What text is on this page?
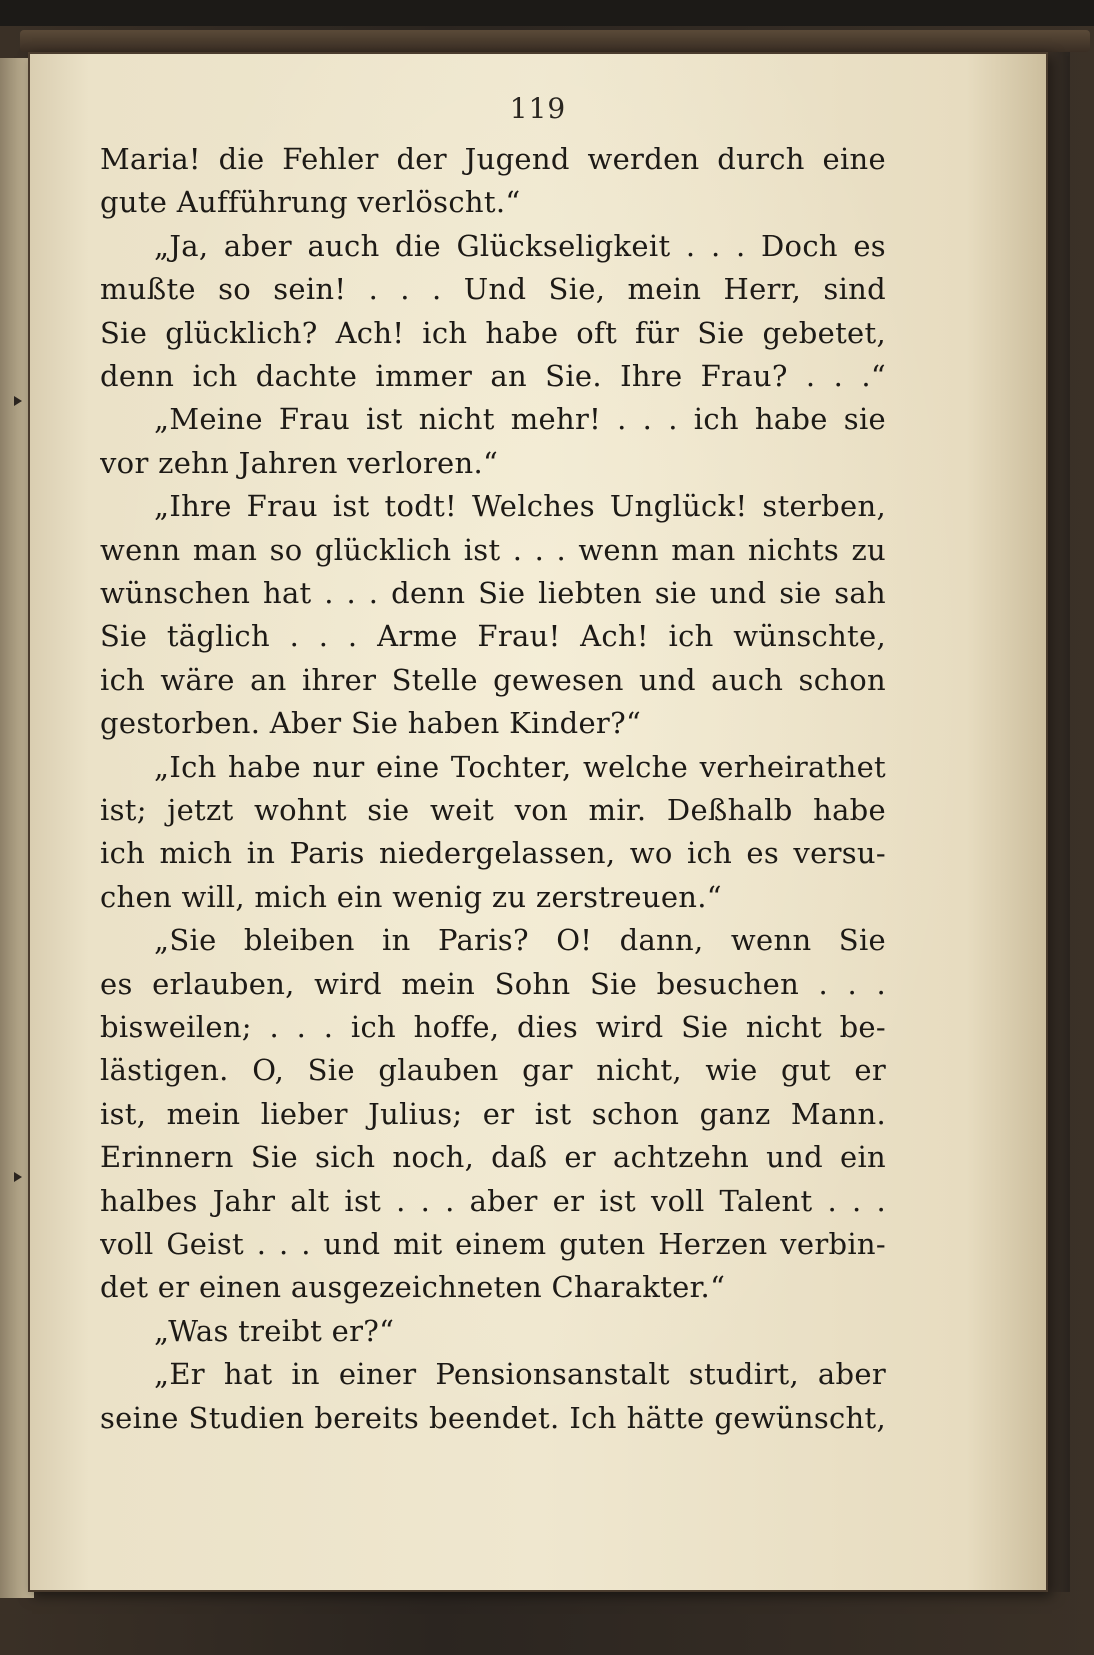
119
Maria! die Fehler der Jugend werden durch eine
gute Aufführung verlöscht.“
„Ja, aber auch die Glückseligkeit . . . Doch es
mußte so sein! . . . Und Sie, mein Herr, sind
Sie glücklich? Ach! ich habe oft für Sie gebetet,
denn ich dachte immer an Sie. Ihre Frau? . . .“
„Meine Frau ist nicht mehr! . . . ich habe sie
vor zehn Jahren verloren.“
„Ihre Frau ist todt! Welches Unglück! sterben,
wenn man so glücklich ist . . . wenn man nichts zu
wünschen hat . . . denn Sie liebten sie und sie sah
Sie täglich . . . Arme Frau! Ach! ich wünschte,
ich wäre an ihrer Stelle gewesen und auch schon
gestorben. Aber Sie haben Kinder?“
„Ich habe nur eine Tochter, welche verheirathet
ist; jetzt wohnt sie weit von mir. Deßhalb habe
ich mich in Paris niedergelassen, wo ich es versu-
chen will, mich ein wenig zu zerstreuen.“
„Sie bleiben in Paris? O! dann, wenn Sie
es erlauben, wird mein Sohn Sie besuchen . . .
bisweilen; . . . ich hoffe, dies wird Sie nicht be-
lästigen. O, Sie glauben gar nicht, wie gut er
ist, mein lieber Julius; er ist schon ganz Mann.
Erinnern Sie sich noch, daß er achtzehn und ein
halbes Jahr alt ist . . . aber er ist voll Talent . . .
voll Geist . . . und mit einem guten Herzen verbin-
det er einen ausgezeichneten Charakter.“
„Was treibt er?“
„Er hat in einer Pensionsanstalt studirt, aber
seine Studien bereits beendet. Ich hätte gewünscht,
